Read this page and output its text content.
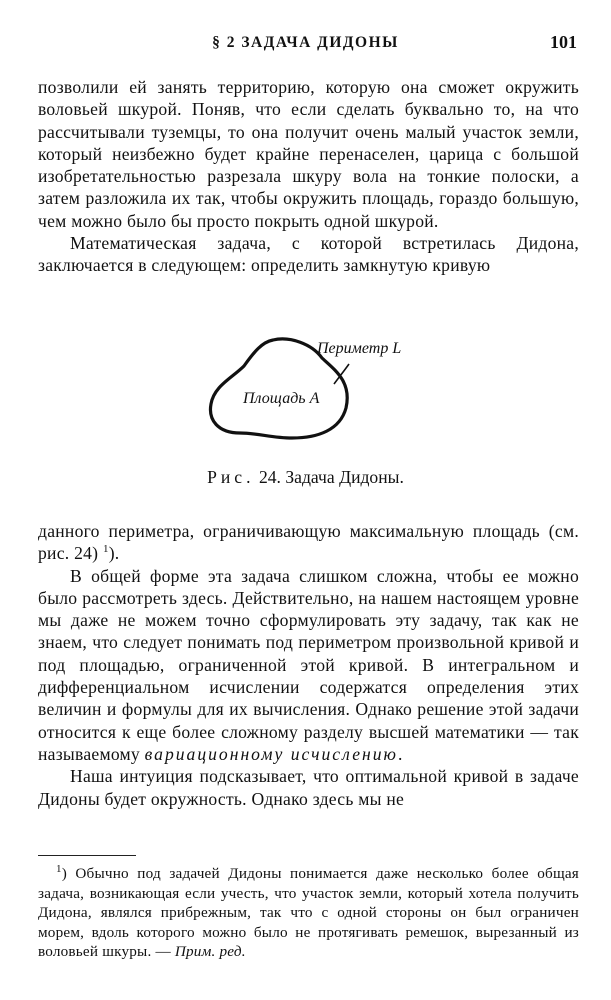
§ 2 ЗАДАЧА ДИДОНЫ	101

позволили ей занять территорию, которую она сможет окружить воловьей шкурой. Поняв, что если сделать буквально то, на что рассчитывали туземцы, то она получит очень малый участок земли, который неизбежно будет крайне перенаселен, царица с большой изобретательностью разрезала шкуру вола на тонкие полоски, а затем разложила их так, чтобы окружить площадь, гораздо большую, чем можно было бы просто покрыть одной шкурой.

Математическая задача, с которой встретилась Дидона, заключается в следующем: определить замкнутую кривую

Периметр L
Площадь A
Рис. 24. Задача Дидоны.

данного периметра, ограничивающую максимальную площадь (см. рис. 24) $^1$).

В общей форме эта задача слишком сложна, чтобы ее можно было рассмотреть здесь. Действительно, на нашем настоящем уровне мы даже не можем точно сформулировать эту задачу, так как не знаем, что следует понимать под периметром произвольной кривой и под площадью, ограниченной этой кривой. В интегральном и дифференциальном исчислении содержатся определения этих величин и формулы для их вычисления. Однако решение этой задачи относится к еще более сложному разделу высшей математики — так называемому вариационному исчислению.

Наша интуиция подсказывает, что оптимальной кривой в задаче Дидоны будет окружность. Однако здесь мы не

$^1$) Обычно под задачей Дидоны понимается даже несколько более общая задача, возникающая если учесть, что участок земли, который хотела получить Дидона, являлся прибрежным, так что с одной стороны он был ограничен морем, вдоль которого можно было не протягивать ремешок, вырезанный из воловьей шкуры. — Прим. ред.
